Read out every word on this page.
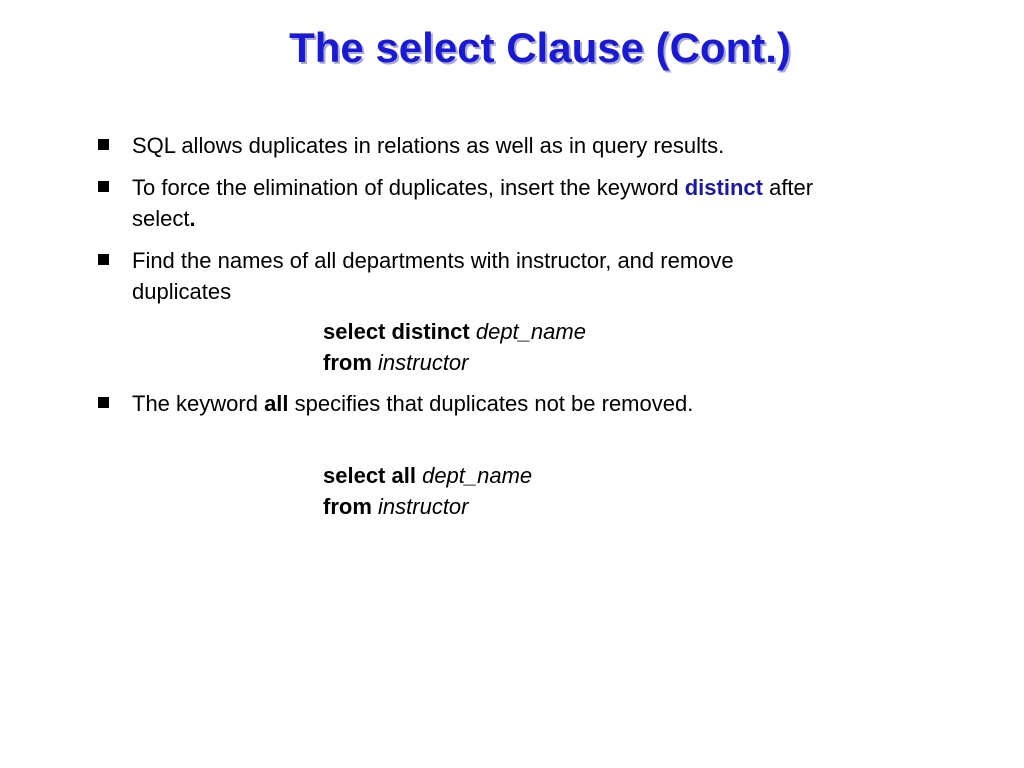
The select Clause (Cont.)
SQL allows duplicates in relations as well as in query results.
To force the elimination of duplicates, insert the keyword distinct after
select.
Find the names of all departments with instructor, and remove
duplicates
select distinct dept_name
from instructor
The keyword all specifies that duplicates not be removed.
select all dept_name
from instructor
